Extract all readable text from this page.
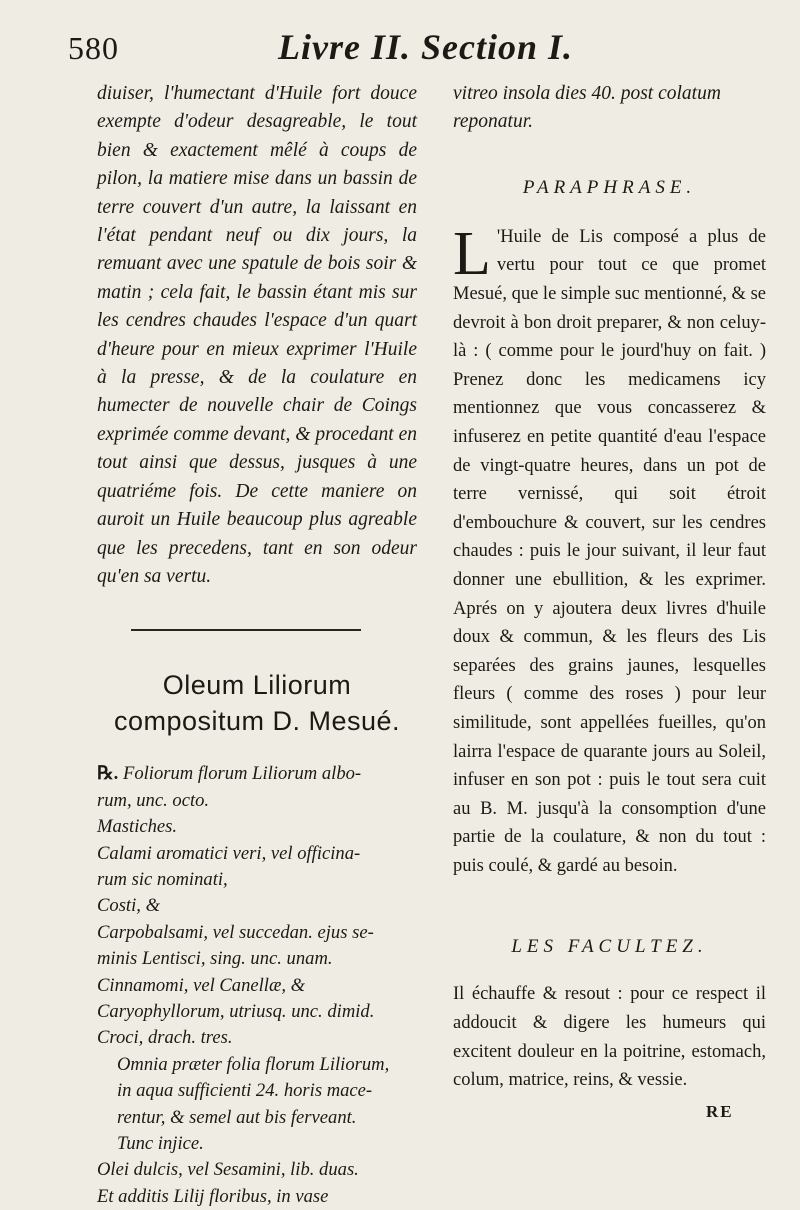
580	Livre II. Section I.

diuiser, l'humectant d'Huile fort douce exempte d'odeur desagreable, le tout bien & exactement mêlé à coups de pilon, la matiere mise dans un bassin de terre couvert d'un autre, la laissant en l'état pendant neuf ou dix jours, la remuant avec une spatule de bois soir & matin ; cela fait, le bassin étant mis sur les cendres chaudes l'espace d'un quart d'heure pour en mieux exprimer l'Huile à la presse, & de la coulature en humecter de nouvelle chair de Coings exprimée comme devant, & procedant en tout ainsi que dessus, jusques à une quatriéme fois. De cette maniere on auroit un Huile beaucoup plus agreable que les precedens, tant en son odeur qu'en sa vertu.

Oleum Liliorum compositum D. Mesué.

℞. Foliorum florum Liliorum albo-

rum, unc. octo.

Mastiches.

Calami aromatici veri, vel officina-

rum sic nominati,

Costi, &

Carpobalsami, vel succedan. ejus se-

minis Lentisci, sing. unc. unam.

Cinnamomi, vel Canellæ, &

Caryophyllorum, utriusq. unc. dimid.

Croci, drach. tres.

Omnia præter folia florum Liliorum,

in aqua sufficienti 24. horis mace-

rentur, & semel aut bis ferveant.

Tunc injice.

Olei dulcis, vel Sesamini, lib. duas.

Et additis Lilij floribus, in vase

vitreo insola dies 40. post colatum reponatur.

PARAPHRASE.

L 'Huile de Lis composé a plus de vertu pour tout ce que promet Mesué, que le simple suc mentionné, & se devroit à bon droit preparer, & non celuy-là : ( comme pour le jourd'huy on fait. ) Prenez donc les medicamens icy mentionnez que vous concasserez & infuserez en petite quantité d'eau l'espace de vingt-quatre heures, dans un pot de terre vernissé, qui soit étroit d'embouchure & couvert, sur les cendres chaudes : puis le jour suivant, il leur faut donner une ebullition, & les exprimer. Aprés on y ajoutera deux livres d'huile doux & commun, & les fleurs des Lis separées des grains jaunes, lesquelles fleurs ( comme des roses ) pour leur similitude, sont appellées fueilles, qu'on lairra l'espace de quarante jours au Soleil, infuser en son pot : puis le tout sera cuit au B. M. jusqu'à la consomption d'une partie de la coulature, & non du tout : puis coulé, & gardé au besoin.

LES FACULTEZ.

Il échauffe & resout : pour ce respect il addoucit & digere les humeurs qui excitent douleur en la poitrine, estomach, colum, matrice, reins, & vessie.

RE
